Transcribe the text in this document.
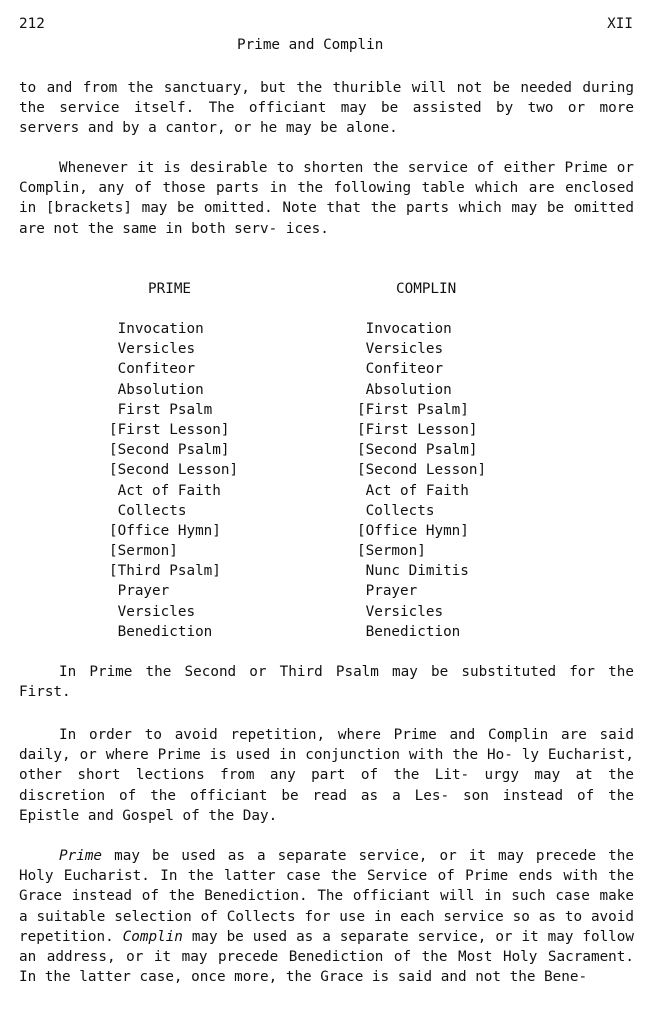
212	XII
Prime and Complin

to and from the sanctuary, but the thurible will not be needed during the service itself. The officiant may be assisted by two or more servers and by a cantor, or he may be alone.

Whenever it is desirable to shorten the service of either Prime or Complin, any of those parts in the following table which are enclosed in [brackets] may be omitted. Note that the parts which may be omitted are not the same in both serv- ices.

PRIME	COMPLIN
Invocation
Versicles
Confiteor
Absolution
First Psalm
[First Lesson]
[Second Psalm]
[Second Lesson]
Act of Faith
Collects
[Office Hymn]
[Sermon]
[Third Psalm]
Prayer
Versicles
Benediction
Invocation
Versicles
Confiteor
Absolution
[First Psalm]
[First Lesson]
[Second Psalm]
[Second Lesson]
Act of Faith
Collects
[Office Hymn]
[Sermon]
Nunc Dimitis
Prayer
Versicles
Benediction

In Prime the Second or Third Psalm may be substituted for the First.

In order to avoid repetition, where Prime and Complin are said daily, or where Prime is used in conjunction with the Ho- ly Eucharist, other short lections from any part of the Lit- urgy may at the discretion of the officiant be read as a Les- son instead of the Epistle and Gospel of the Day.

Prime may be used as a separate service, or it may precede the Holy Eucharist. In the latter case the Service of Prime ends with the Grace instead of the Benediction. The officiant will in such case make a suitable selection of Collects for use in each service so as to avoid repetition. Complin may be used as a separate service, or it may follow an address, or it may precede Benediction of the Most Holy Sacrament. In the latter case, once more, the Grace is said and not the Bene-
